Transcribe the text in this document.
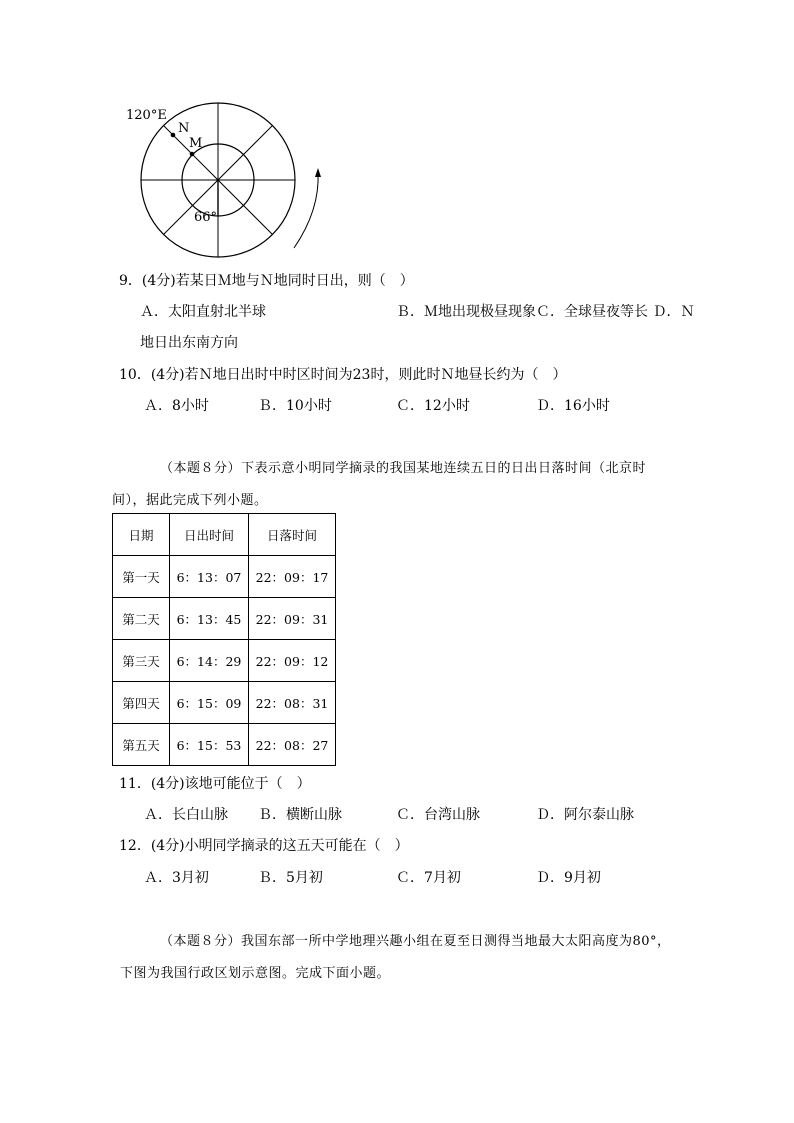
120°E
N
M
66°
9．(4分)若某日Ｍ地与Ｎ地同时日出，则（　）
Ａ．太阳直射北半球	Ｂ．Ｍ地出现极昼现象Ｃ．全球昼夜等长 Ｄ．Ｎ
地日出东南方向
10．(4分)若Ｎ地日出时中时区时间为23时，则此时Ｎ地昼长约为（　）
Ａ．8小时	Ｂ．10小时	Ｃ．12小时	Ｄ．16小时
（本题８分）下表示意小明同学摘录的我国某地连续五日的日出日落时间（北京时
间），据此完成下列小题。
日期	日出时间	日落时间
第一天	6：13：07	22：09：17
第二天	6：13：45	22：09：31
第三天	6：14：29	22：09：12
第四天	6：15：09	22：08：31
第五天	6：15：53	22：08：27
11．(4分)该地可能位于（　）
Ａ．长白山脉 Ｂ．横断山脉	Ｃ．台湾山脉	Ｄ．阿尔泰山脉
12．(4分)小明同学摘录的这五天可能在（　）
Ａ．3月初	Ｂ．5月初	Ｃ．7月初	Ｄ．9月初
（本题８分）我国东部一所中学地理兴趣小组在夏至日测得当地最大太阳高度为80°，
下图为我国行政区划示意图。完成下面小题。
